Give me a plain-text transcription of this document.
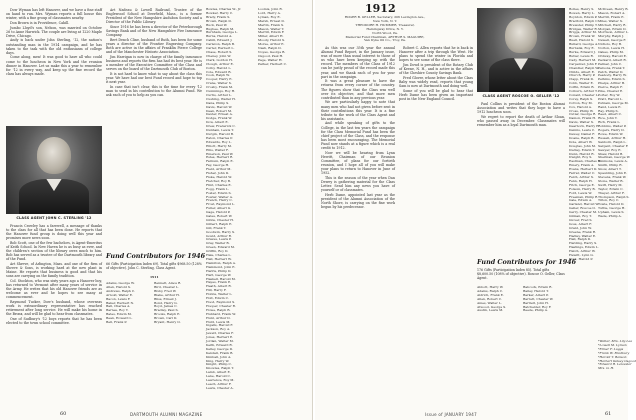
Dow Wyman has left Hanover, and we have a fine staff on hand to run. Mrs. Wyman reports a full house this winter, with a fine group of classmates nearby.

Don Brown is in Providence, Cahill.

Jumbo Lloyd's son, Nelson, was married on October 26 to Anne Harwick. The couple are living at 1220 Maple Drive, Chicago.

Andy is back under John Sterling, '12, the nation's outstanding man in the 1914 campaign, and he has taken to the task with the old enthusiasm of college days.

Come along, men! It was good to have all who could come to the luncheon in New York and the reunion dinner in Hanover. Let us make this a year to remember for '12 in every way, and keep up the fine record the class has always made.

CLASS AGENT JOHN C. STERLING '12

Francis Crowley has a farewell, a message of thanks to the class for all that has been done. He reports that the Hanover fund group is doing well this year and promises more news soon.

Bob Scott, one of the few bachelors, is Agent-Emeritus of Keith School. In New Haven he is as busy as ever, and the children's section of the library owes much to him. Bob has served as a trustee of the Dartmouth library and of the Fund.

Art Shreve, of Arlington, Mass. and one of the firm of Shreve & Sons, is working hard at the new plant in Maine. He reports that business is good and that his sons are carrying on the family tradition.

Col. Stockton, who was sixty years ago a Hanover boy, has returned to Vermont after many years of service in the Army. He writes that his old Hanover friends are as welcome as ever and he hopes to see many at commencement.

Raymond Tucker, Dow's husband, whose overseas work is extraordinary representative has reached retirement after long service. He will make his home in the Bronx, and will be glad to hear from classmates.

One of Sudbury's '12 boys reports that he has been elected to the town school committee.

Art Nadeau & Lowell Railroad, Trustee of the Englewood School at Deerfield, Mass., is a former President of the New Hampshire Audubon Society and a Director of the Public Library.

Since 1916 he has been a director of the Peterborough Savings Bank and of the New Hampshire Fire Insurance Company.

Bert Dench Cline, husband of Ruth, has been for some years a director of the Frontier Engraving Company. Both are active in the affairs of Franklin Pierce College and of the Manchester Historic Association.

Jim Harrigan is now in charge of the family insurance business and reports the firm has had its best year. He is a member of the Executive Committee of the Class and serves on the board of the Dartmouth Club of Boston.

It is not hard to know what to say about the class this year. We have had our best Fund record and hope to top it next year.

In case that isn't clear, this is the time for every '12 man to send in his contribution to the Alumni Fund. We ask each of you to help as you can.

Fund Contributors for 1946
66 Gifts (Participation Index 69). Total gifts $968.50 (128% of objective). John C. Sterling, Class Agent.
1911
Adams, George W.
Allen, Harold S.
Andrews, Ralph C.
Arnold, Walter E.
Bacon, Lewis F.
Baker, Herbert N.
Ball, Charles A.
Barnes, Roy T.
Bates, Edwin M.
Bean, Howard L.
Bell, Frank P.
Bennett, Amos R.
Bird, Chester L.
Bixby, Fred W.
Blake, Arthur H.
Bliss, Ernest J.
Bond, Harry G.
Boyd, James C.
Bradley, Paul S.
Brooks, Ralph E.
Brown, Carl D.
Bryant, Henry O.
Bowles, Charles W., Jr.
Bowker, Harry C.
Brady, Frank S.
Brown, Ralph D.
Buck, Paul W.
Bugbee, Ralph M.
Burnham, George L.
Burns, Harold A.
Cahill, Edward J.
Carleton, Ralph B.
Carter, Herbert L.
Chase, Robert S.
Cheney, John W.
Clark, Gordon H.
Clough, Arthur E.
Colby, Harold L.
Cole, Edward B.
Cook, Ralph W.
Cooper, Harry E.
Crane, Walter S.
Crosby, Frank M.
Cummings, Roy H.
Curtis, Arthur L.
Cushing, Walter H.
Dana, Philip S.
Davis, Harold W.
Dean, Robert M.
Dexter, Ernest A.
Dodge, Frank W.
Dow, Albert E.
Drew, Frederick C.
Dunham, Lewis T.
Durgin, Harold B.
Eaton, Charles P.
Edwards, Roy L.
Elliott, Harry M.
Ellis, Walter F.
Emerson, Paul W.
Estes, Herbert R.
Farnum, Ralph E.
Fay, George H.
Field, Arthur M.
Fisher, John D.
Fiske, Harold W.
Fletcher, Roy B.
Flint, Charles E.
Fogg, Frank L.
Foster, Edwin S.
Fowler, Walter A.
French, Harry C.
Frost, Raymond L.
Fuller, Albert G.
Gage, Harold P.
Gates, Robert W.
Gibbs, Chester H.
Gilbert, Ralph E.
Gill, Frank T.
Goodwin, Harry S.
Gould, Arthur R.
Graves, Lewis P.
Gray, Walter B.
Green, Edward M.
Griffin, Roy D.
Hale, Charles L.
Hall, Herbert W.
Hamilton, Ralph A.
Hammond, John E.
Harris, Philip D.
Hart, George W.
Haskell, Harold M.
Hayes, Frank E.
Heath, Albert R.
Hill, Harry F.
Hobbs, Walter L.
Holt, Edwin C.
Hood, Raymond S.
Hooper, Chester R.
Howe, Ralph B.
Hubbard, Frank W.
Hunt, Arthur D.
Hurd, Lewis M.
Ingalls, Harold F.
Jackson, Roy A.
Jewett, Charles F.
Jones, Herbert E.
Jordan, Walter M.
Keith, Edward R.
Kelley, George D.
Kendall, Frank B.
Kimball, John A.
King, Harry W.
Knight, Philip C.
Knowles, Ralph T.
Lamb, Albert E.
Lane, Harold C.
Lawrence, Roy M.
Leach, Arthur F.
Lewis, Chester A.
Loomis, John R.
Lord, Harry A.
Lyman, Roy E.
Marsh, Ernest D.
Martin, Frank S.
Mason, Walter T.
Merrill, Edwin F.
Miller, Albert H.
Moody, Harold S.
Morse, Arthur E.
Nash, Ralph D.
Noyes, George B.
Osgood, Paul H.
Page, Walter H.
Parker, Herbert C.
60	DARTMOUTH ALUMNI MAGAZINE
1912
ROGER B. GELLER, Secretary, 206 Lexington Ave.,
New York, N. Y.
THEODORE H. HUMMER, Treasurer,
Hemingway Drive, N. Y.
North Wood, Pa.
Memorial Fund Chairman, ARTHUR S. MAGUIRE,
Van Dyke Oil Co., Troy, Pa.

As this was our 35th year the annual Alumni Fund Report, in the January issue, was of more than usual interest to those of us who have been keeping up with the record. The members of the Class of 1912 can be justly proud of the record made this year, and we thank each of you for your part in the campaign.

It was a great pleasure to have the returns from every corner of the country. The figures show that the Class was well over its objective, and that more men contributed than in any previous year.

We are particularly happy to note that many men who had not given before sent in their contributions this year. It is a fine tribute to the work of the Class Agent and his assistants.

And while speaking of gifts to the College, in the last ten years the campaign for the Class Memorial Fund has been the chief project of the Class, and the response has been most encouraging. The Memorial Fund now stands at a figure which is a real credit to 1912.

Now we will be hearing from Lynn Hewitt, Chairman of our Reunion Committee, of plans for our fortieth reunion, and I hope all of you will make your plans to return to Hanover in June of 1952.

This is the season of the year when Dan Dewey is gathering material for the Class Letter. Send him any news you have of yourself or of classmates.

Herb Dame, appointed last year as the president of the Alumni Association of the North Shore, is carrying on the fine work begun by his predecessor.

Robert C. Allen reports that he is back in Hanover after a trip through the West. He plans to spend the winter in Florida and hopes to see some of the class there.

Jim Dowd is president of the Rotary Club of Keene, N. H., and is active in the affairs of the Cheshire County Savings Bank.

Fred Glover, whose letter about the Class Baby was widely read, reports that young Sam is now at Dartmouth and doing well.

Some of you will be glad to hear that Herb Dame has been given an important post in the New England Council.

CLASS AGENT ROSCOE O. GELLER '12

Paul Collins is president of the Boston Alumni Association and writes that they hope to have a 1912 luncheon soon.

We regret to report the death of Arthur Sloan, who passed away in December. Classmates will remember him as a loyal Dartmouth man.

Fund Contributors for 1946
176 Gifts (Participation Index 85). Total gifts $8,600.50 (108% of objective). Roscoe O. Geller, Class Agent.
Abbott, Harry W.
Adams, Ralph C.
Aldrich, Frank E.
Allen, Robert C.
Ames, Walter L.
Atwood, George S.
Austin, Lewis M.
Babcock, Edwin R.
Bailey, Harold T.
Barker, Albert P.
Barrett, Chester W.
Bartlett, John H.
Batchelder, Roy F.
Beede, Philip A.
Bolles, Henry S.
Bowen, Harry L.
Boynton, Edwin P.
Bradford, Ralph C.
Brewster, Philip T.
Bridges, Walter R.
Briggs, Arthur M.
Brown, Frank W.
Buell, Harold S.
Bullard, George A.
Burbank, Roy E.
Burke, Edward J.
Butler, Lewis R.
Cady, Herbert M.
Carpenter, John F.
Chandler, Ralph W.
Childs, Albert E.
Church, Harry P.
Clapp, Frank D.
Cobb, Walter E.
Coffin, Edwin B.
Colburn, Arthur T.
Conant, Chester L.
Corey, Ralph S.
Cotton, Roy M.
Cox, Harold A.
Cross, Philip W.
Cutler, George R.
Damon, Frank H.
Davis, Walter S.
Dearborn, Harry E.
Dennis, Lewis C.
Dewey, Daniel F.
Doane, Ralph B.
Dole, Albert W.
Douglas, John M.
Dudley, Edwin T.
Dunn, Harold R.
Dwight, Roy S.
Eastman, Charles H.
Emery, Frank A.
Evans, Herbert D.
Farrar, Walter C.
Felch, Arthur S.
Fenn, Ralph H.
Fitch, George E.
Folsom, Harry B.
Ford, Lewis W.
Freeman, Philip R.
Gale, Edwin A.
Garland, Harold W.
Geller, Roscoe O.
Gerry, Chester M.
Gilman, Roy T.
Glover, Fred S.
Goss, Albert F.
Grant, John W.
Greene, Frank R.
Hadley, Walter E.
Hall, Ralph D.
Harding, Harry S.
Hastings, Edwin L.
Hatch, Arthur W.
Hewitt, Lynn G.
Hoyt, Harold P.
McIlveen, Henry B.
Mason, Robert A.
Merrill, Frank E.
Miles, Walter S.
Mitchell, Harry R.
Morgan, Edwin D.
Morrison, Arthur L.
Murphy, Ralph J.
Newell, George F.
Nichols, Roy B.
Norton, Lewis H.
Oakes, Philip M.
Ordway, Harold E.
Packard, Albert R.
Palmer, John C.
Parsons, Frank T.
Patch, Walter D.
Peabody, Harry W.
Perkins, Edwin S.
Phelps, Arthur B.
Pierce, Ralph F.
Pike, Chester E.
Porter, Roy W.
Pratt, Harold L.
Putnam, George M.
Rand, Lewis E.
Ray, Philip S.
Reed, Albert C.
Rice, John T.
Rich, Frank L.
Robbins, Walter P.
Rogers, Harry D.
Rowe, Edwin W.
Russell, Arthur H.
Sanborn, Ralph L.
Sargent, Chester F.
Sawyer, Roy E.
Shaw, Harold B.
Sherman, George W.
Simmons, Lewis A.
Smith, Philip R.
Snow, Albert T.
Spaulding, John E.
Stevens, Frank W.
Stone, Walter B.
Swift, Harry M.
Taylor, Edwin C.
Thayer, Arthur F.
Thompson, Ralph S.
Tilton, Roy C.
Towle, Harold D.
Tuttle, George H.
Upham, Lewis S.
Wade, Philip A.
*Walter, Mrs. Lily Lee
*Lowell M. Lyman
*Elmer F. Luggs
*Frank W. Bradbury
*Harold T. Benson
*Herbert Kelsey Osgood
*Edward R. Leicester
Mrs. G. H.
Issue of JANUARY 1947	61
